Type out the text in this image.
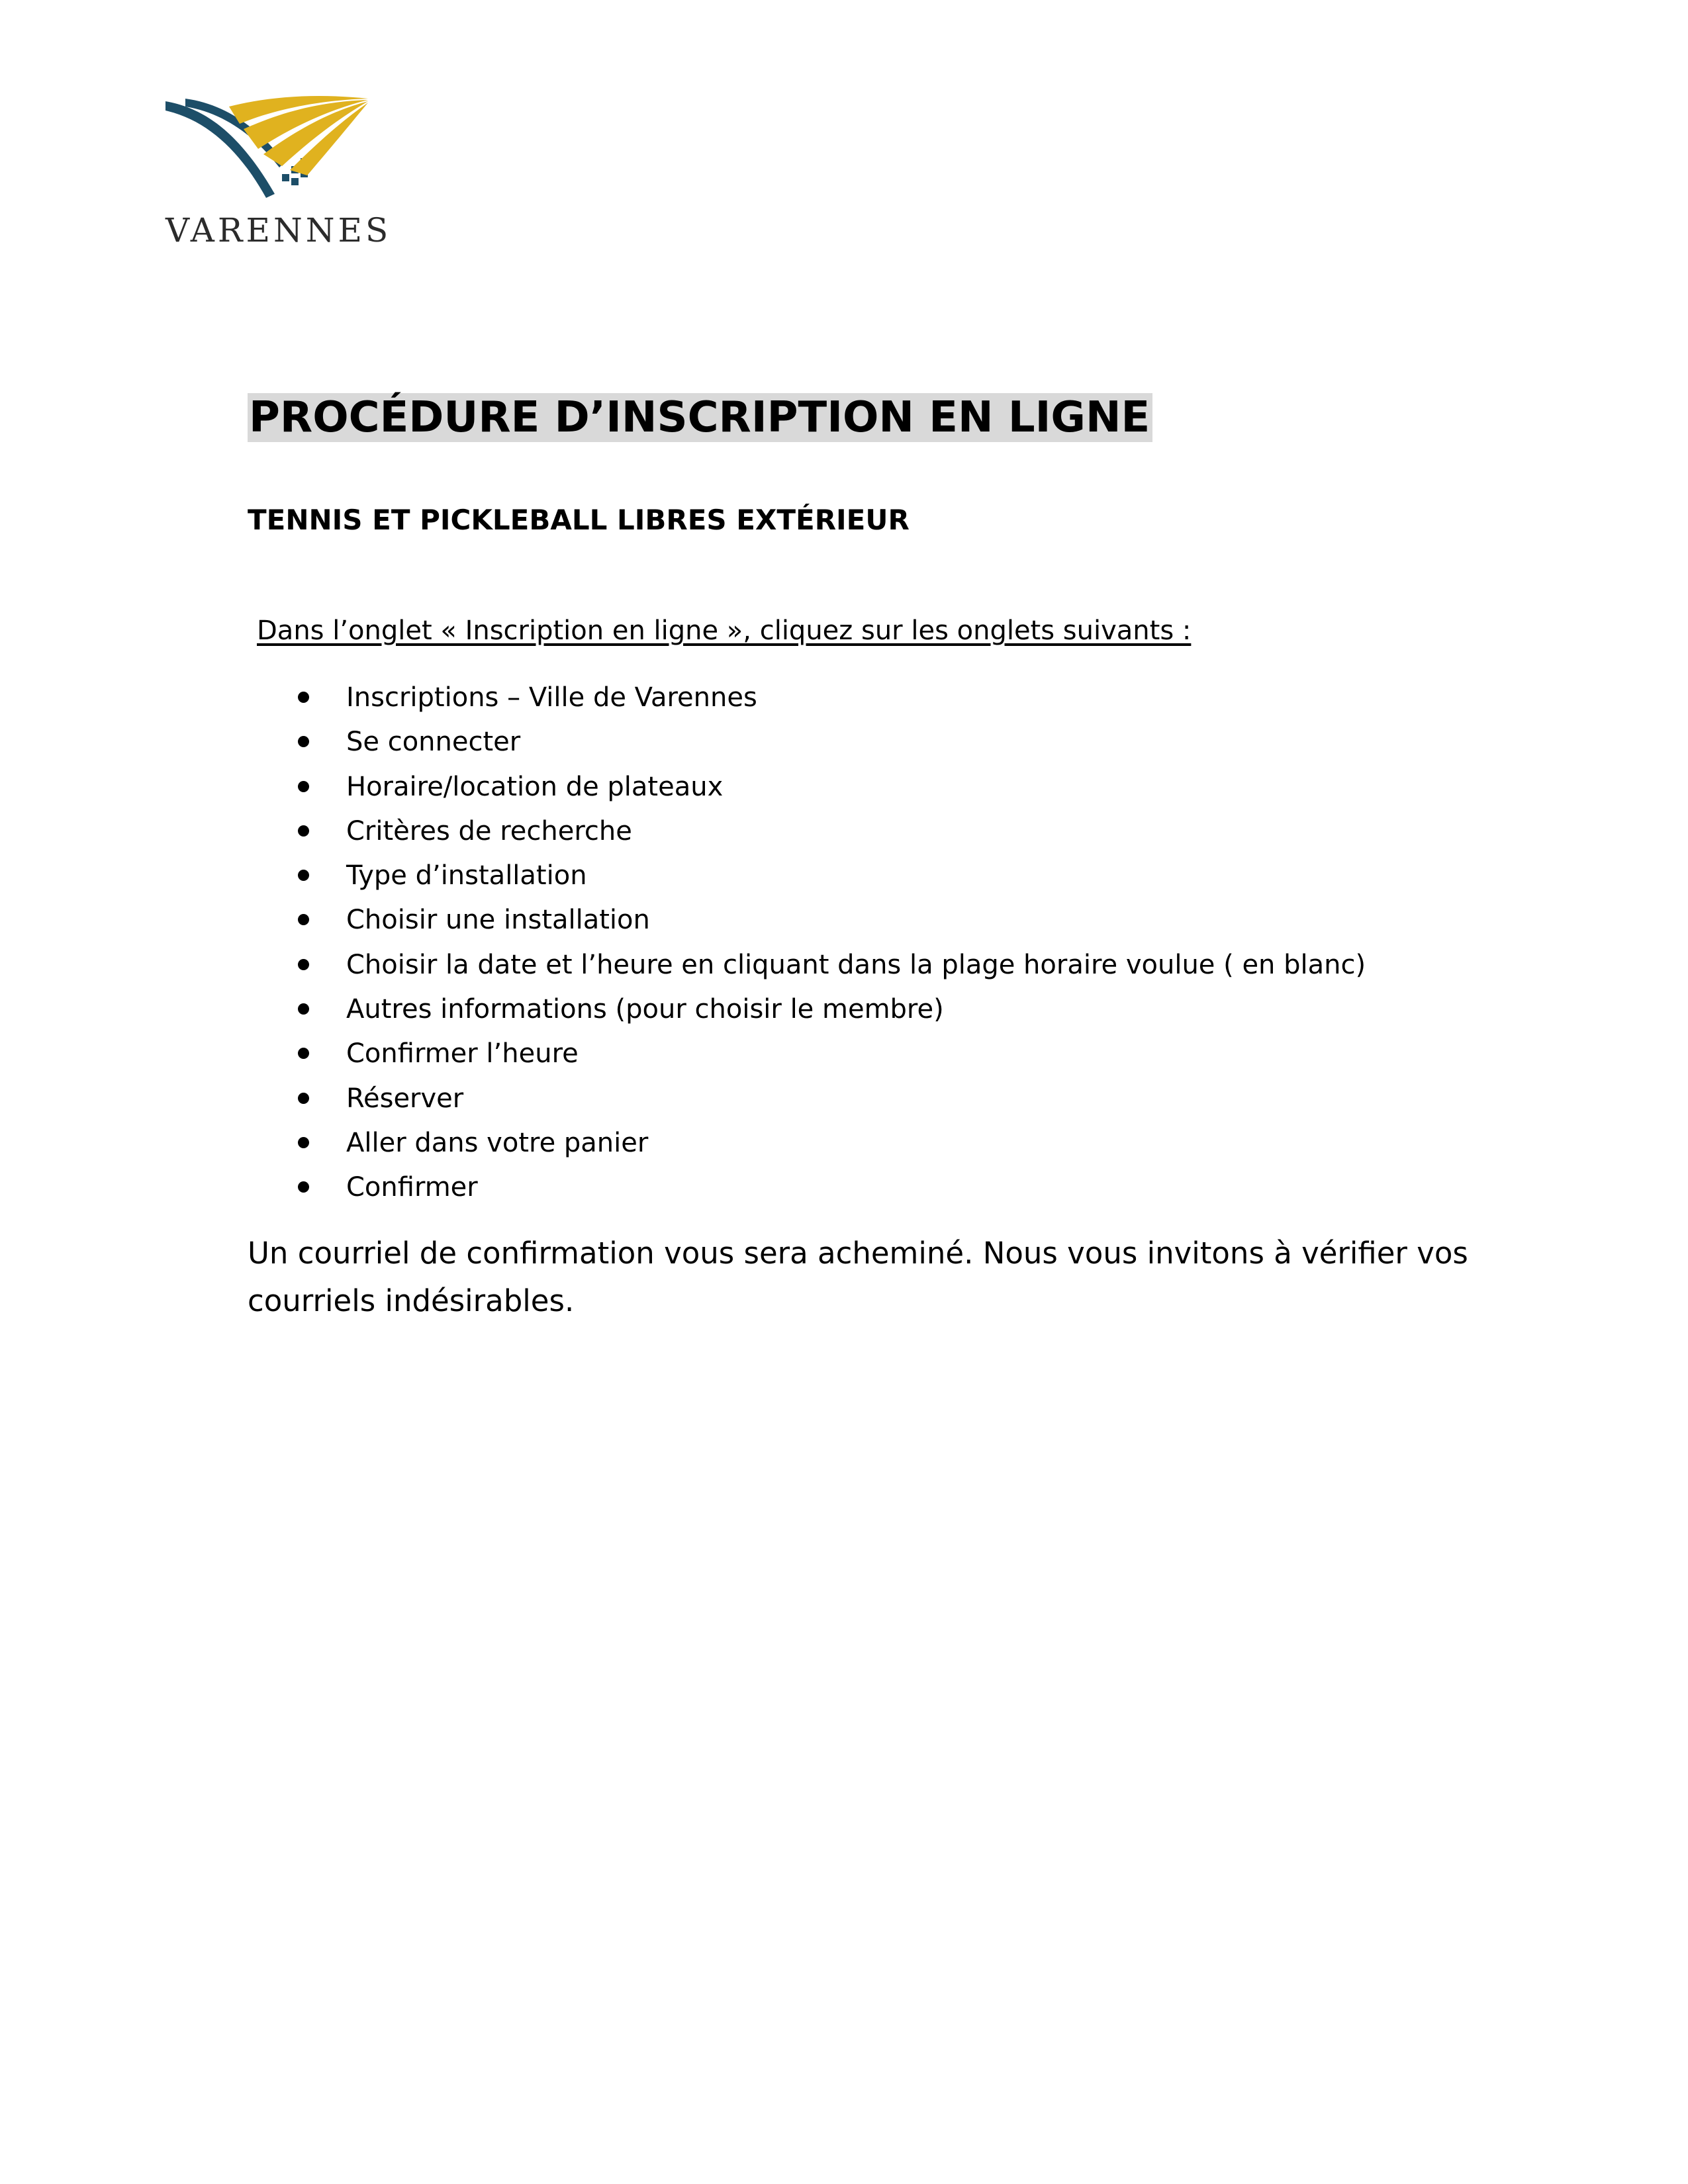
VARENNES
PROCÉDURE D’INSCRIPTION EN LIGNE
TENNIS ET PICKLEBALL LIBRES EXTÉRIEUR

Dans l’onglet « Inscription en ligne », cliquez sur les onglets suivants :

Inscriptions – Ville de Varennes
Se connecter
Horaire/location de plateaux
Critères de recherche
Type d’installation
Choisir une installation
Choisir la date et l’heure en cliquant dans la plage horaire voulue ( en blanc)
Autres informations (pour choisir le membre)
Confirmer l’heure
Réserver
Aller dans votre panier
Confirmer

Un courriel de confirmation vous sera acheminé. Nous vous invitons à vérifier vos courriels indésirables.
